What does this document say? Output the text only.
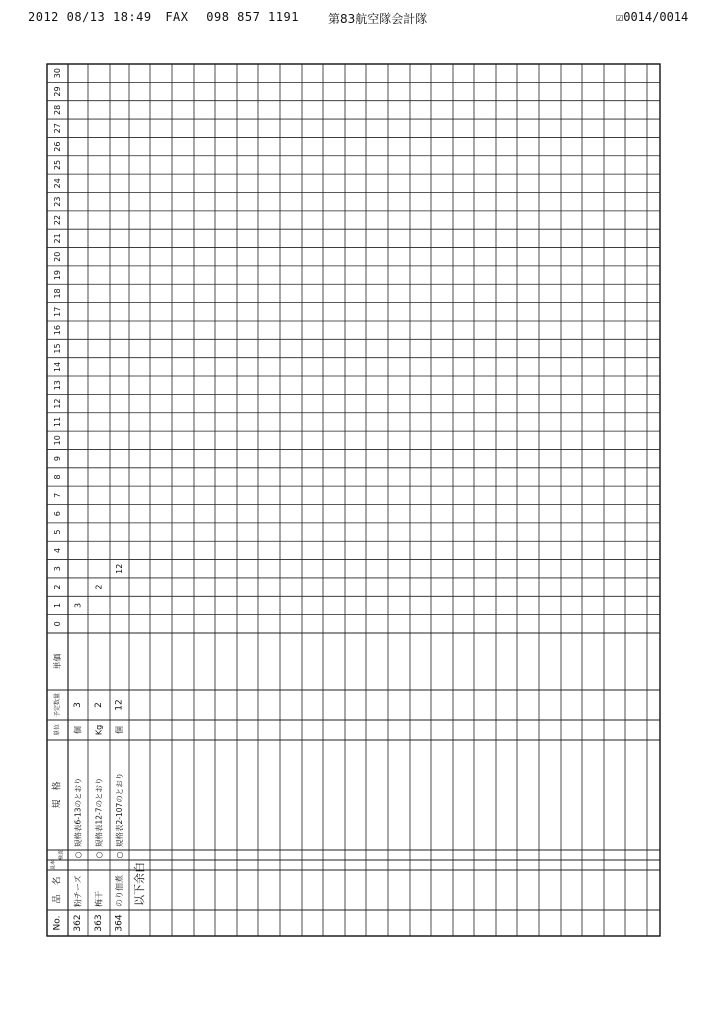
2012 08/13 18:49 FAX 098 857 1191 第83航空隊会計隊	☑0014/0014
No.
品　名
見本
検査
規　格
単位
予定数量
単価
0
1
2
3
4
5
6
7
8
9
10
11
12
13
14
15
16
17
18
19
20
21
22
23
24
25
26
27
28
29
30
362
粉チーズ
○
規格表6-13のとおり
個
3
3
363
梅干
○
規格表12-7のとおり
Kg
2
2
364
のり佃煮
○
規格表2-107のとおり
個
12
12
以下余白
